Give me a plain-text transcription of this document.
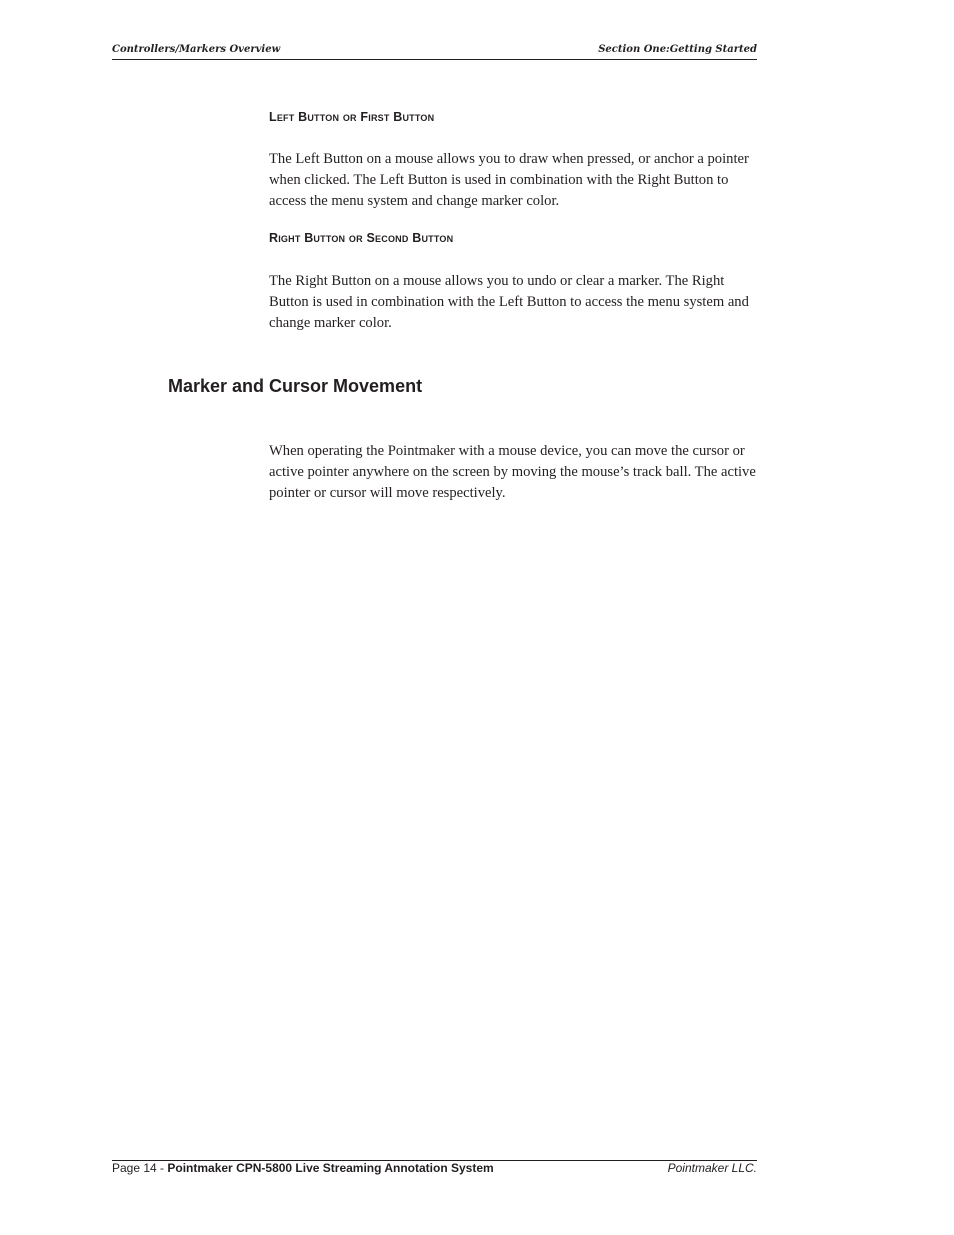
Controllers/Markers Overview	Section One:Getting Started
Left Button or First Button

The Left Button on a mouse allows you to draw when pressed, or anchor a pointer when clicked. The Left Button is used in combination with the Right Button to access the menu system and change marker color.

Right Button or Second Button

The Right Button on a mouse allows you to undo or clear a marker. The Right Button is used in combination with the Left Button to access the menu system and change marker color.

Marker and Cursor Movement

When operating the Pointmaker with a mouse device, you can move the cursor or active pointer anywhere on the screen by moving the mouse’s track ball. The active pointer or cursor will move respectively.

Page 14 - Pointmaker CPN-5800 Live Streaming Annotation System	Pointmaker LLC.
